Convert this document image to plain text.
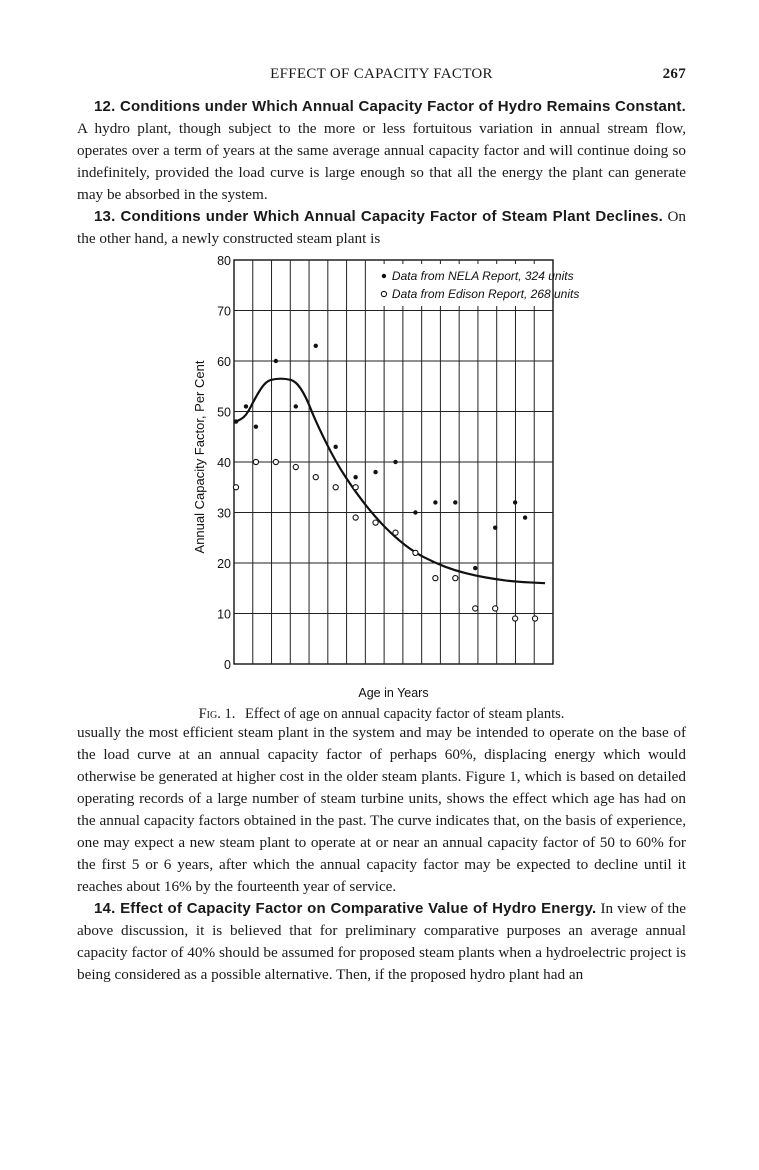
EFFECT OF CAPACITY FACTOR	267

12. Conditions under Which Annual Capacity Factor of Hydro Remains Constant. A hydro plant, though subject to the more or less fortuitous variation in annual stream flow, operates over a term of years at the same average annual capacity factor and will continue doing so indefinitely, provided the load curve is large enough so that all the energy the plant can generate may be absorbed in the system.

13. Conditions under Which Annual Capacity Factor of Steam Plant Declines. On the other hand, a newly constructed steam plant is

0
10
20
30
40
50
60
70
80
Annual Capacity Factor, Per Cent
Age in Years
Data from NELA Report, 324 units
Data from Edison Report, 268 units
Fig. 1. Effect of age on annual capacity factor of steam plants.

usually the most efficient steam plant in the system and may be intended to operate on the base of the load curve at an annual capacity factor of perhaps 60%, displacing energy which would otherwise be generated at higher cost in the older steam plants. Figure 1, which is based on detailed operating records of a large number of steam turbine units, shows the effect which age has had on the annual capacity factors obtained in the past. The curve indicates that, on the basis of experience, one may expect a new steam plant to operate at or near an annual capacity factor of 50 to 60% for the first 5 or 6 years, after which the annual capacity factor may be expected to decline until it reaches about 16% by the fourteenth year of service.

14. Effect of Capacity Factor on Comparative Value of Hydro Energy. In view of the above discussion, it is believed that for preliminary comparative purposes an average annual capacity factor of 40% should be assumed for proposed steam plants when a hydroelectric project is being considered as a possible alternative. Then, if the proposed hydro plant had an
